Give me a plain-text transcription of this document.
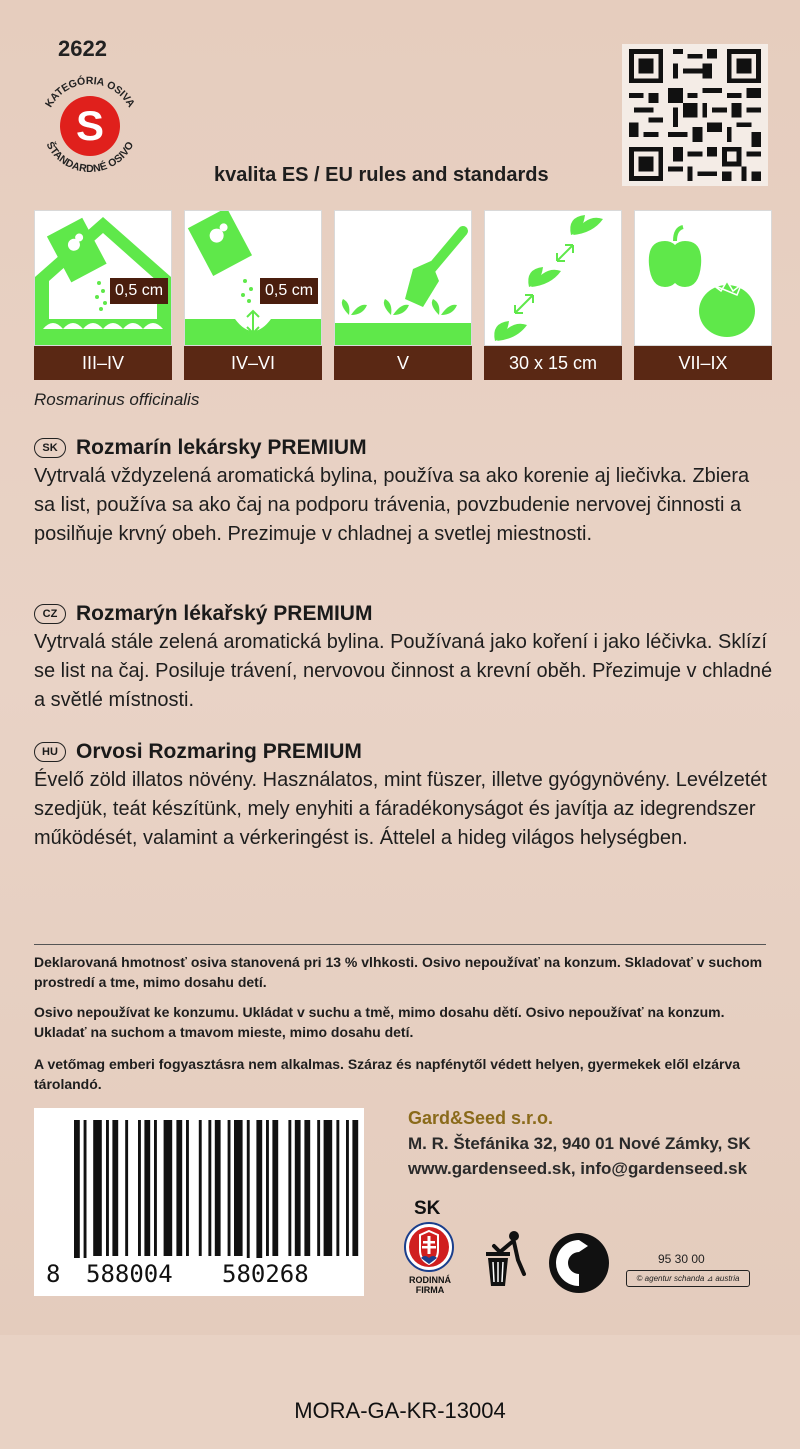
2622
S
KATEGÓRIA OSIVA
ŠTANDARDNÉ OSIVO
kvalita ES / EU rules and standards
0,5 cm
III–IV
0,5 cm
IV–VI	V	30 x 15 cm	VII–IX
Rosmarinus officinalis
SK Rozmarín lekársky PREMIUM
Vytrvalá vždyzelená aromatická bylina, používa sa ako korenie aj liečivka. Zbiera sa list, používa sa ako čaj na podporu trávenia, povzbudenie nervovej činnosti a posilňuje krvný obeh. Prezimuje v chladnej a svetlej miestnosti.
CZ Rozmarýn lékařský PREMIUM
Vytrvalá stále zelená aromatická bylina. Používaná jako koření i jako léčivka. Sklízí se list na čaj. Posiluje trávení, nervovou činnost a krevní oběh. Přezimuje v chladné a světlé místnosti.
HU Orvosi Rozmaring PREMIUM
Évelő zöld illatos növény. Használatos, mint füszer, illetve gyógynövény. Levélzetét szedjük, teát készítünk, mely enyhiti a fáradékonyságot és javítja az idegrendszer működését, valamint a vérkeringést is. Áttelel a hideg világos helységben.
Deklarovaná hmotnosť osiva stanovená pri 13 % vlhkosti. Osivo nepoužívať na konzum. Skladovať v suchom prostredí a tme, mimo dosahu detí.
Osivo nepoužívat ke konzumu. Ukládat v suchu a tmě, mimo dosahu dětí. Osivo nepoužívať na konzum. Ukladať na suchom a tmavom mieste, mimo dosahu detí.
A vetőmag emberi fogyasztásra nem alkalmas. Száraz és napfénytől védett helyen, gyermekek elől elzárva tárolandó.
8 588004 580268
Gard&Seed s.r.o.
M. R. Štefánika 32, 940 01 Nové Zámky, SK
www.gardenseed.sk, info@gardenseed.sk
SK
RODINNÁ
FIRMA
95 30 00
© agentur schanda ⊿ austria
MORA-GA-KR-13004
